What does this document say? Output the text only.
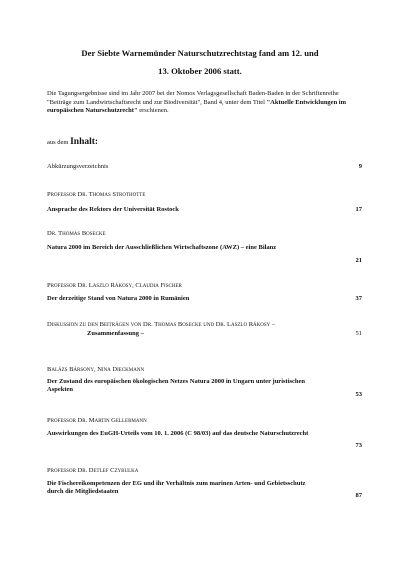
Der Siebte Warnemünder Naturschutzrechtstag fand am 12. und
13. Oktober 2006 statt.
Die Tagungsergebnisse sind im Jahr 2007 bei der Nomos Verlagsgesellschaft Baden-Baden in der Schriftenreihe "Beiträge zum Landwirtschaftsrecht und zur Biodiversität", Band 4, unter dem Titel "Aktuelle Entwicklungen im europäischen Naturschutzrecht" erschienen.
aus dem Inhalt:
Abkürzungsverzeichnis	9
Professor Dr. Thomas Strothotte
Ansprache des Rektors der Universität Rostock	17
Dr. Thomas Bosecke
Natura 2000 im Bereich der Ausschließlichen Wirtschaftszone (AWZ) – eine Bilanz
21
Professor Dr. Laszlo Rákosy, Claudia Fischer
Der derzeitige Stand von Natura 2000 in Rumänien	37
Diskussion zu den Beiträgen von Dr. Thomas Bosecke und Dr. Laszlo Rákosy –
Zusammenfassung –	51
Balázs Bársony, Nina Dieckmann
Der Zustand des europäischen ökologischen Netzes Natura 2000 in Ungarn unter juristischen Aspekten
53
Professor Dr. Martin Gellermann
Auswirkungen des EuGH-Urteils vom 10. 1. 2006 (C 98/03) auf das deutsche Naturschutzrecht
73
Professor Dr. Detlef Czybulka
Die Fischereikompetenzen der EG und ihr Verhältnis zum marinen Arten- und Gebietsschutz durch die Mitgliedstaaten
87
